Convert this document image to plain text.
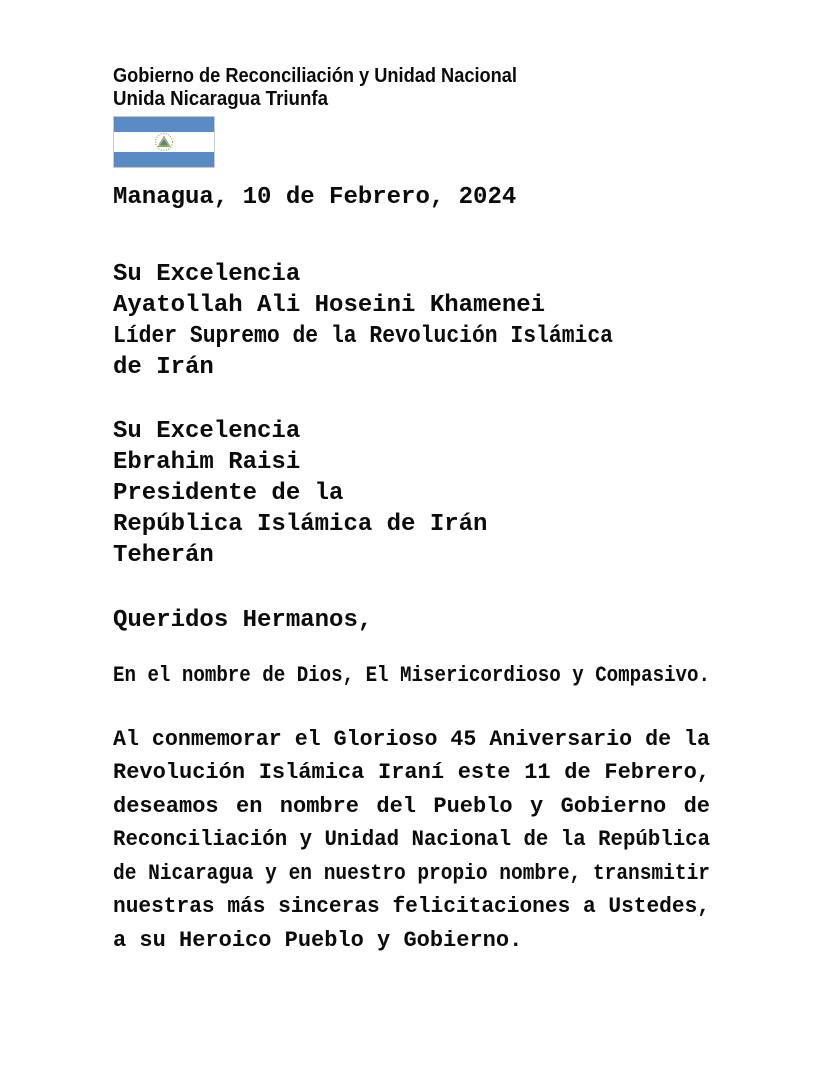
Gobierno de Reconciliación y Unidad Nacional
Unida Nicaragua Triunfa
Managua, 10 de Febrero, 2024
Su Excelencia
Ayatollah Ali Hoseini Khamenei
Líder Supremo de la Revolución Islámica
de Irán
Su Excelencia
Ebrahim Raisi
Presidente de la
República Islámica de Irán
Teherán
Queridos Hermanos,
En el nombre de Dios, El Misericordioso y Compasivo.
Al conmemorar el Glorioso 45 Aniversario de la
Revolución Islámica Iraní este 11 de Febrero,
deseamos en nombre del Pueblo y Gobierno de
Reconciliación y Unidad Nacional de la República
de Nicaragua y en nuestro propio nombre, transmitir
nuestras más sinceras felicitaciones a Ustedes,
a su Heroico Pueblo y Gobierno.
